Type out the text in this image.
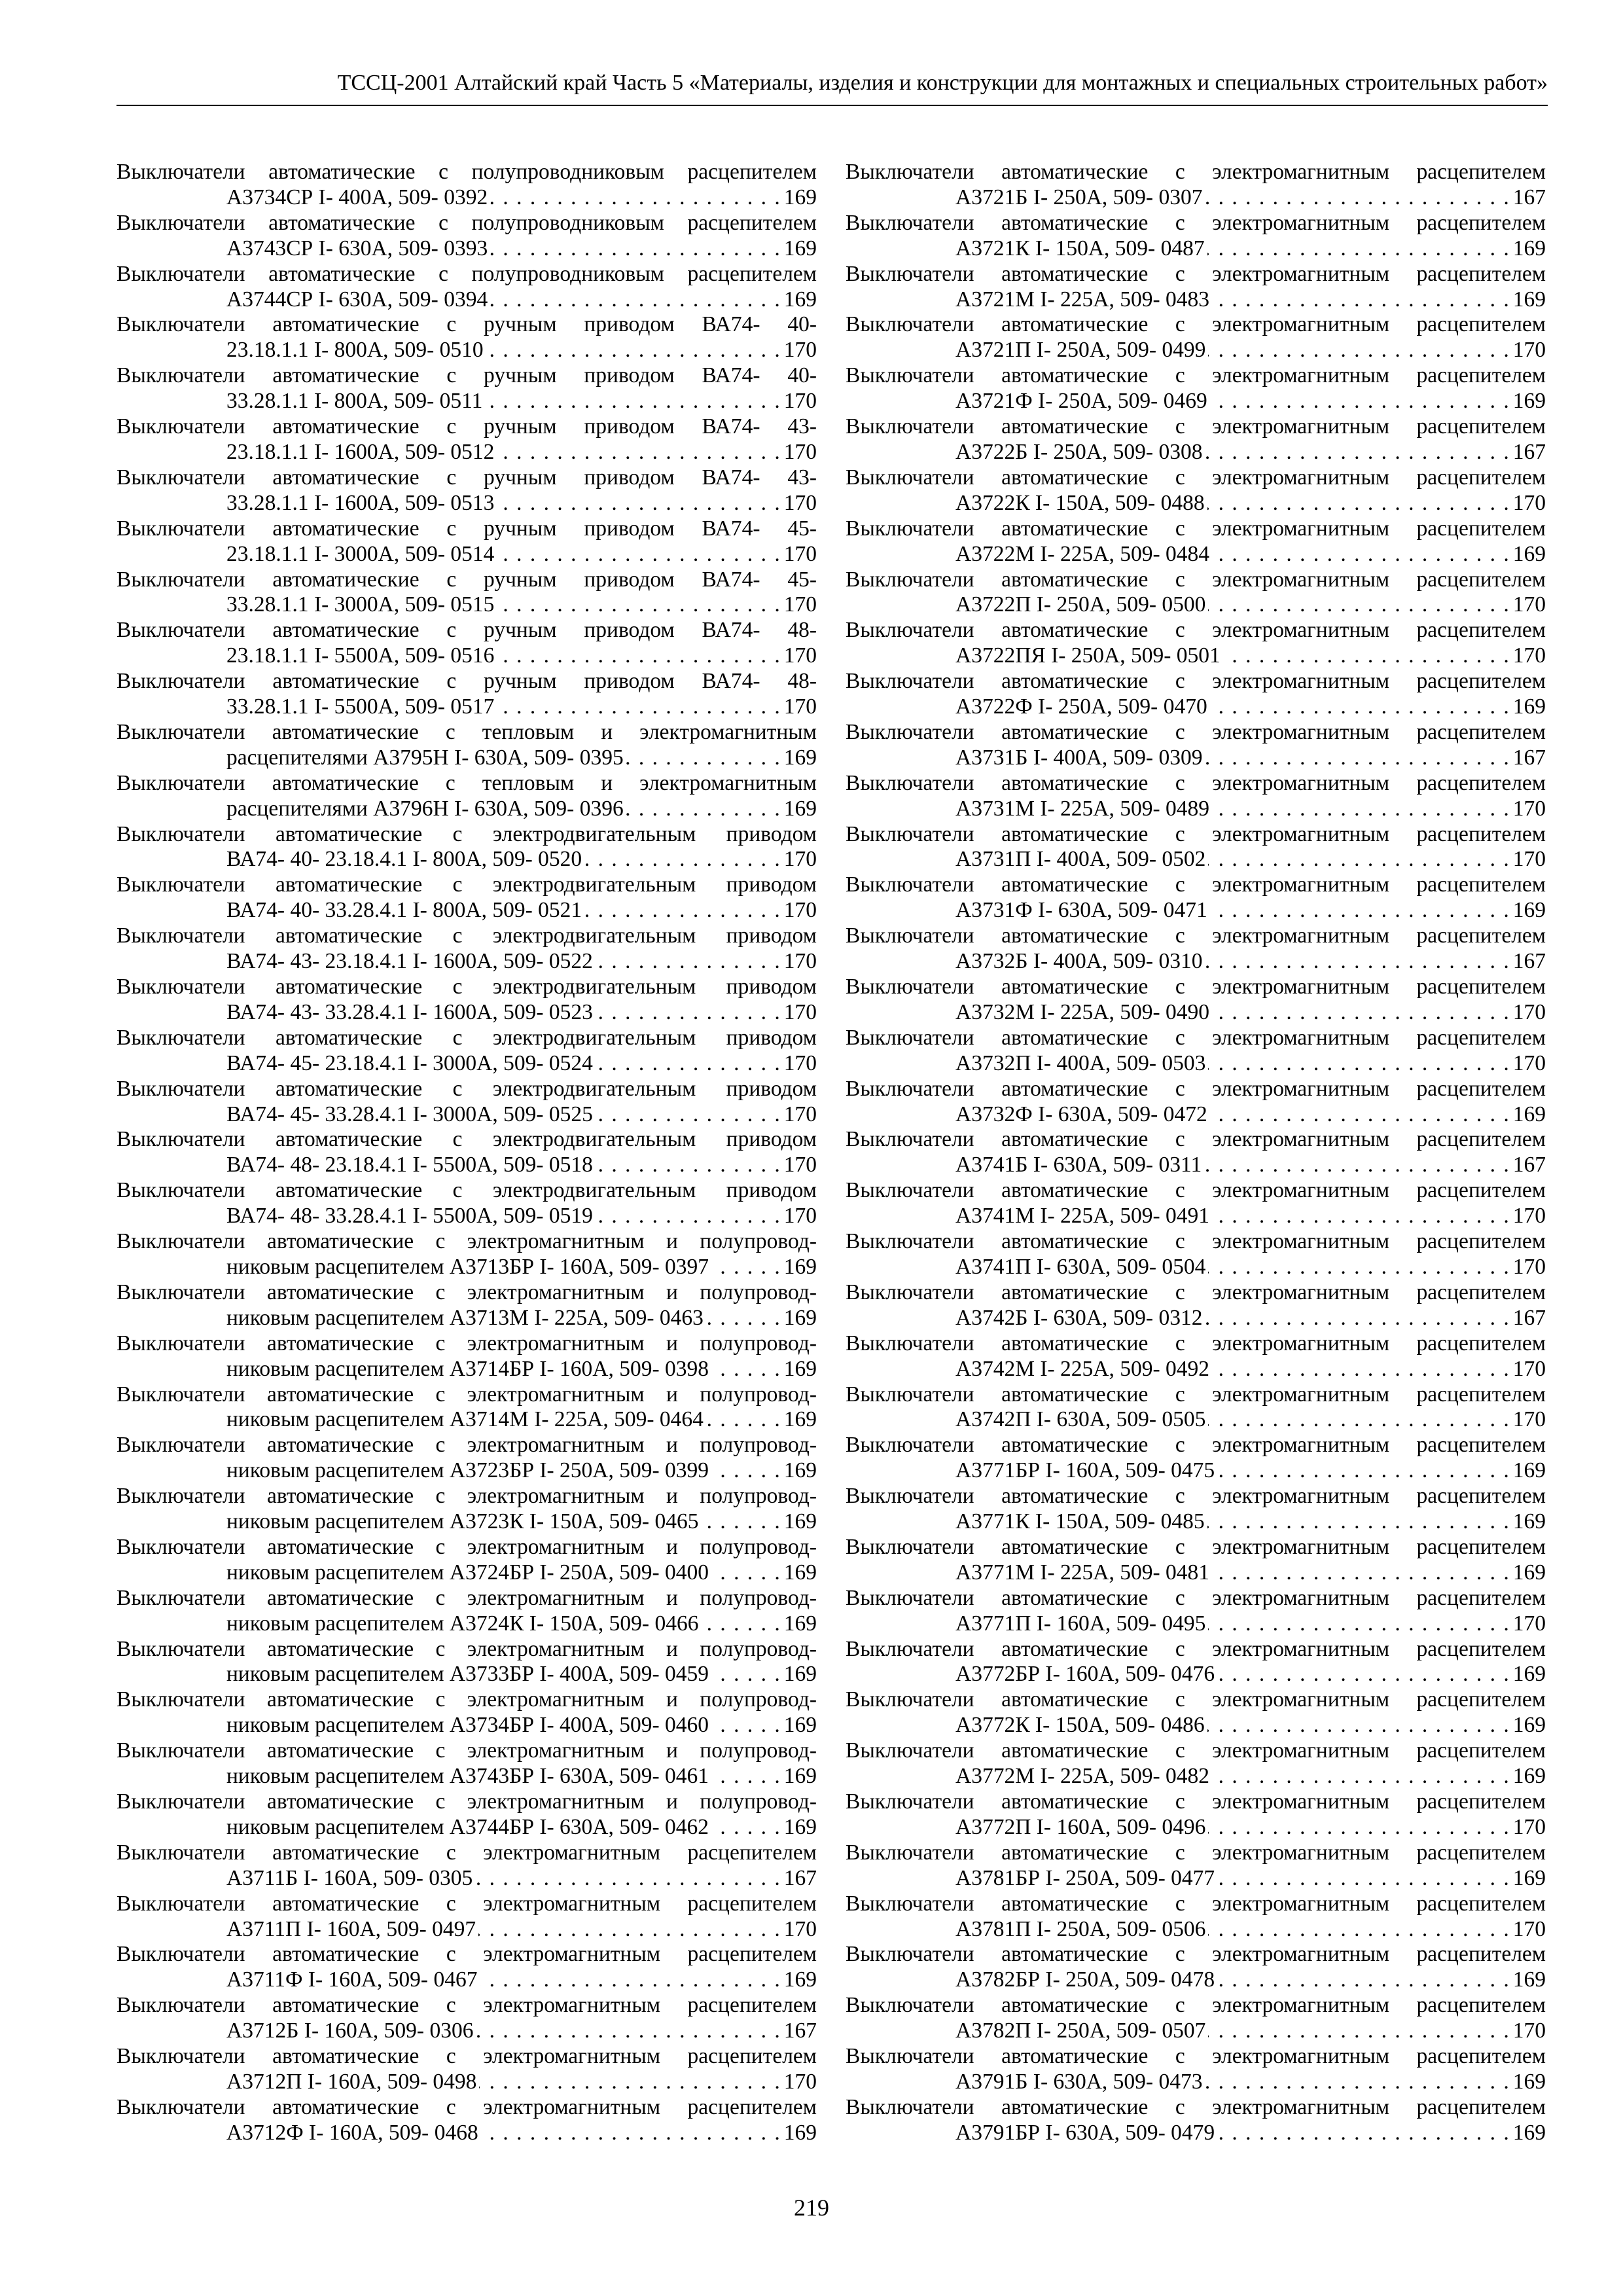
ТССЦ-2001 Алтайский край Часть 5 «Материалы, изделия и конструкции для монтажных и специальных строительных работ»
Выключатели автоматические с полупроводниковым расцепителем
А3734СР I- 400А, 509- 0392 . . .	169
Выключатели автоматические с полупроводниковым расцепителем
А3743СР I- 630А, 509- 0393 . . .	169
Выключатели автоматические с полупроводниковым расцепителем
А3744СР I- 630А, 509- 0394 . . .	169
Выключатели автоматические с ручным приводом ВА74- 40-
23.18.1.1 I- 800А, 509- 0510 . . .	170
Выключатели автоматические с ручным приводом ВА74- 40-
33.28.1.1 I- 800А, 509- 0511 . . .	170
Выключатели автоматические с ручным приводом ВА74- 43-
23.18.1.1 I- 1600А, 509- 0512 . . .	170
Выключатели автоматические с ручным приводом ВА74- 43-
33.28.1.1 I- 1600А, 509- 0513 . . .	170
Выключатели автоматические с ручным приводом ВА74- 45-
23.18.1.1 I- 3000А, 509- 0514 . . .	170
Выключатели автоматические с ручным приводом ВА74- 45-
33.28.1.1 I- 3000А, 509- 0515 . . .	170
Выключатели автоматические с ручным приводом ВА74- 48-
23.18.1.1 I- 5500А, 509- 0516 . . .	170
Выключатели автоматические с ручным приводом ВА74- 48-
33.28.1.1 I- 5500А, 509- 0517 . . .	170
Выключатели автоматические с тепловым и электромагнитным
расцепителями А3795Н I- 630А, 509- 0395 . . .	169
Выключатели автоматические с тепловым и электромагнитным
расцепителями А3796Н I- 630А, 509- 0396 . . .	169
Выключатели автоматические с электродвигательным приводом
ВА74- 40- 23.18.4.1 I- 800А, 509- 0520 . . .	170
Выключатели автоматические с электродвигательным приводом
ВА74- 40- 33.28.4.1 I- 800А, 509- 0521 . . .	170
Выключатели автоматические с электродвигательным приводом
ВА74- 43- 23.18.4.1 I- 1600А, 509- 0522 . . .	170
Выключатели автоматические с электродвигательным приводом
ВА74- 43- 33.28.4.1 I- 1600А, 509- 0523 . . .	170
Выключатели автоматические с электродвигательным приводом
ВА74- 45- 23.18.4.1 I- 3000А, 509- 0524 . . .	170
Выключатели автоматические с электродвигательным приводом
ВА74- 45- 33.28.4.1 I- 3000А, 509- 0525 . . .	170
Выключатели автоматические с электродвигательным приводом
ВА74- 48- 23.18.4.1 I- 5500А, 509- 0518 . . .	170
Выключатели автоматические с электродвигательным приводом
ВА74- 48- 33.28.4.1 I- 5500А, 509- 0519 . . .	170
Выключатели автоматические с электромагнитным и полупровод-
никовым расцепителем А3713БР I- 160А, 509- 0397 . . .	169
Выключатели автоматические с электромагнитным и полупровод-
никовым расцепителем А3713М I- 225А, 509- 0463 . . .	169
Выключатели автоматические с электромагнитным и полупровод-
никовым расцепителем А3714БР I- 160А, 509- 0398 . . .	169
Выключатели автоматические с электромагнитным и полупровод-
никовым расцепителем А3714М I- 225А, 509- 0464 . . .	169
Выключатели автоматические с электромагнитным и полупровод-
никовым расцепителем А3723БР I- 250А, 509- 0399 . . .	169
Выключатели автоматические с электромагнитным и полупровод-
никовым расцепителем А3723К I- 150А, 509- 0465 . . .	169
Выключатели автоматические с электромагнитным и полупровод-
никовым расцепителем А3724БР I- 250А, 509- 0400 . . .	169
Выключатели автоматические с электромагнитным и полупровод-
никовым расцепителем А3724К I- 150А, 509- 0466 . . .	169
Выключатели автоматические с электромагнитным и полупровод-
никовым расцепителем А3733БР I- 400А, 509- 0459 . . .	169
Выключатели автоматические с электромагнитным и полупровод-
никовым расцепителем А3734БР I- 400А, 509- 0460 . . .	169
Выключатели автоматические с электромагнитным и полупровод-
никовым расцепителем А3743БР I- 630А, 509- 0461 . . .	169
Выключатели автоматические с электромагнитным и полупровод-
никовым расцепителем А3744БР I- 630А, 509- 0462 . . .	169
Выключатели автоматические с электромагнитным расцепителем
А3711Б I- 160А, 509- 0305 . . .	167
Выключатели автоматические с электромагнитным расцепителем
А3711П I- 160А, 509- 0497 . . .	170
Выключатели автоматические с электромагнитным расцепителем
А3711Ф I- 160А, 509- 0467 . . .	169
Выключатели автоматические с электромагнитным расцепителем
А3712Б I- 160А, 509- 0306 . . .	167
Выключатели автоматические с электромагнитным расцепителем
А3712П I- 160А, 509- 0498 . . .	170
Выключатели автоматические с электромагнитным расцепителем
А3712Ф I- 160А, 509- 0468 . . .	169
Выключатели автоматические с электромагнитным расцепителем
А3721Б I- 250А, 509- 0307 . . .	167
Выключатели автоматические с электромагнитным расцепителем
А3721К I- 150А, 509- 0487 . . .	169
Выключатели автоматические с электромагнитным расцепителем
А3721М I- 225А, 509- 0483 . . .	169
Выключатели автоматические с электромагнитным расцепителем
А3721П I- 250А, 509- 0499 . . .	170
Выключатели автоматические с электромагнитным расцепителем
А3721Ф I- 250А, 509- 0469 . . .	169
Выключатели автоматические с электромагнитным расцепителем
А3722Б I- 250А, 509- 0308 . . .	167
Выключатели автоматические с электромагнитным расцепителем
А3722К I- 150А, 509- 0488 . . .	170
Выключатели автоматические с электромагнитным расцепителем
А3722М I- 225А, 509- 0484 . . .	169
Выключатели автоматические с электромагнитным расцепителем
А3722П I- 250А, 509- 0500 . . .	170
Выключатели автоматические с электромагнитным расцепителем
А3722ПЯ I- 250А, 509- 0501 . . .	170
Выключатели автоматические с электромагнитным расцепителем
А3722Ф I- 250А, 509- 0470 . . .	169
Выключатели автоматические с электромагнитным расцепителем
А3731Б I- 400А, 509- 0309 . . .	167
Выключатели автоматические с электромагнитным расцепителем
А3731М I- 225А, 509- 0489 . . .	170
Выключатели автоматические с электромагнитным расцепителем
А3731П I- 400А, 509- 0502 . . .	170
Выключатели автоматические с электромагнитным расцепителем
А3731Ф I- 630А, 509- 0471 . . .	169
Выключатели автоматические с электромагнитным расцепителем
А3732Б I- 400А, 509- 0310 . . .	167
Выключатели автоматические с электромагнитным расцепителем
А3732М I- 225А, 509- 0490 . . .	170
Выключатели автоматические с электромагнитным расцепителем
А3732П I- 400А, 509- 0503 . . .	170
Выключатели автоматические с электромагнитным расцепителем
А3732Ф I- 630А, 509- 0472 . . .	169
Выключатели автоматические с электромагнитным расцепителем
А3741Б I- 630А, 509- 0311 . . .	167
Выключатели автоматические с электромагнитным расцепителем
А3741М I- 225А, 509- 0491 . . .	170
Выключатели автоматические с электромагнитным расцепителем
А3741П I- 630А, 509- 0504 . . .	170
Выключатели автоматические с электромагнитным расцепителем
А3742Б I- 630А, 509- 0312 . . .	167
Выключатели автоматические с электромагнитным расцепителем
А3742М I- 225А, 509- 0492 . . .	170
Выключатели автоматические с электромагнитным расцепителем
А3742П I- 630А, 509- 0505 . . .	170
Выключатели автоматические с электромагнитным расцепителем
А3771БР I- 160А, 509- 0475 . . .	169
Выключатели автоматические с электромагнитным расцепителем
А3771К I- 150А, 509- 0485 . . .	169
Выключатели автоматические с электромагнитным расцепителем
А3771М I- 225А, 509- 0481 . . .	169
Выключатели автоматические с электромагнитным расцепителем
А3771П I- 160А, 509- 0495 . . .	170
Выключатели автоматические с электромагнитным расцепителем
А3772БР I- 160А, 509- 0476 . . .	169
Выключатели автоматические с электромагнитным расцепителем
А3772К I- 150А, 509- 0486 . . .	169
Выключатели автоматические с электромагнитным расцепителем
А3772М I- 225А, 509- 0482 . . .	169
Выключатели автоматические с электромагнитным расцепителем
А3772П I- 160А, 509- 0496 . . .	170
Выключатели автоматические с электромагнитным расцепителем
А3781БР I- 250А, 509- 0477 . . .	169
Выключатели автоматические с электромагнитным расцепителем
А3781П I- 250А, 509- 0506 . . .	170
Выключатели автоматические с электромагнитным расцепителем
А3782БР I- 250А, 509- 0478 . . .	169
Выключатели автоматические с электромагнитным расцепителем
А3782П I- 250А, 509- 0507 . . .	170
Выключатели автоматические с электромагнитным расцепителем
А3791Б I- 630А, 509- 0473 . . .	169
Выключатели автоматические с электромагнитным расцепителем
А3791БР I- 630А, 509- 0479 . . .	169
219
